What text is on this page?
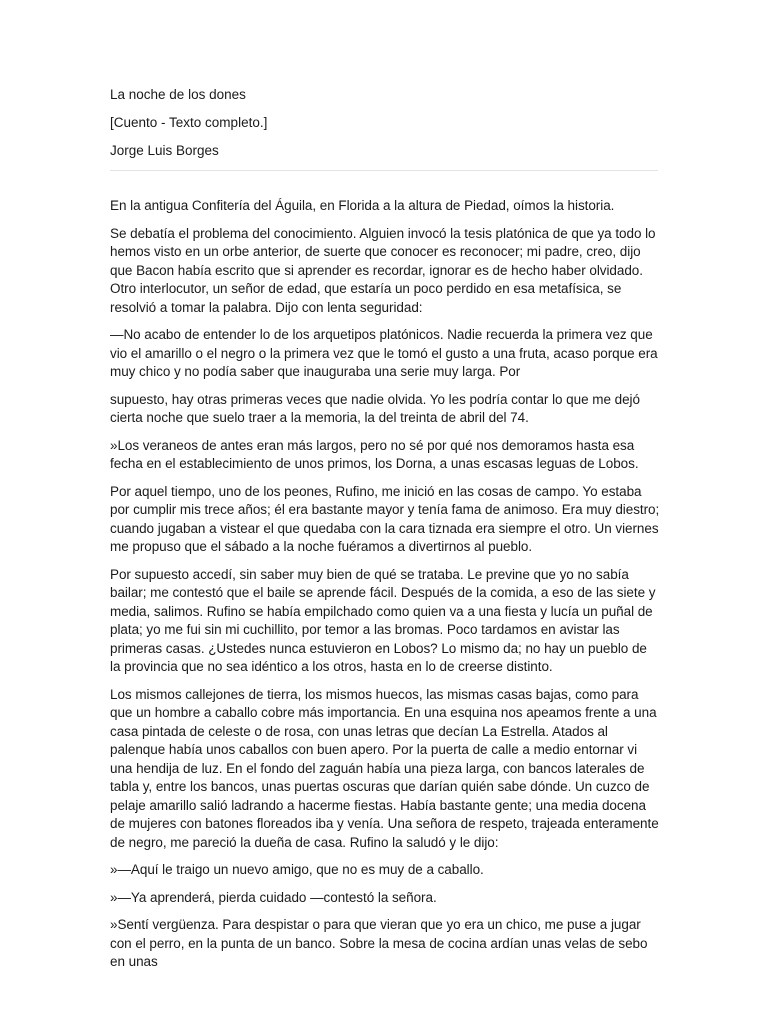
La noche de los dones
[Cuento - Texto completo.]
Jorge Luis Borges

En la antigua Confitería del Águila, en Florida a la altura de Piedad, oímos la historia.

Se debatía el problema del conocimiento. Alguien invocó la tesis platónica de que ya todo lo hemos visto en un orbe anterior, de suerte que conocer es reconocer; mi padre, creo, dijo que Bacon había escrito que si aprender es recordar, ignorar es de hecho haber olvidado. Otro interlocutor, un señor de edad, que estaría un poco perdido en esa metafísica, se resolvió a tomar la palabra. Dijo con lenta seguridad:

—No acabo de entender lo de los arquetipos platónicos. Nadie recuerda la primera vez que vio el amarillo o el negro o la primera vez que le tomó el gusto a una fruta, acaso porque era muy chico y no podía saber que inauguraba una serie muy larga. Por

supuesto, hay otras primeras veces que nadie olvida. Yo les podría contar lo que me dejó cierta noche que suelo traer a la memoria, la del treinta de abril del 74.

»Los veraneos de antes eran más largos, pero no sé por qué nos demoramos hasta esa fecha en el establecimiento de unos primos, los Dorna, a unas escasas leguas de Lobos.

Por aquel tiempo, uno de los peones, Rufino, me inició en las cosas de campo. Yo estaba por cumplir mis trece años; él era bastante mayor y tenía fama de animoso. Era muy diestro; cuando jugaban a vistear el que quedaba con la cara tiznada era siempre el otro. Un viernes me propuso que el sábado a la noche fuéramos a divertirnos al pueblo.

Por supuesto accedí, sin saber muy bien de qué se trataba. Le previne que yo no sabía bailar; me contestó que el baile se aprende fácil. Después de la comida, a eso de las siete y media, salimos. Rufino se había empilchado como quien va a una fiesta y lucía un puñal de plata; yo me fui sin mi cuchillito, por temor a las bromas. Poco tardamos en avistar las primeras casas. ¿Ustedes nunca estuvieron en Lobos? Lo mismo da; no hay un pueblo de la provincia que no sea idéntico a los otros, hasta en lo de creerse distinto.

Los mismos callejones de tierra, los mismos huecos, las mismas casas bajas, como para que un hombre a caballo cobre más importancia. En una esquina nos apeamos frente a una casa pintada de celeste o de rosa, con unas letras que decían La Estrella. Atados al palenque había unos caballos con buen apero. Por la puerta de calle a medio entornar vi una hendija de luz. En el fondo del zaguán había una pieza larga, con bancos laterales de tabla y, entre los bancos, unas puertas oscuras que darían quién sabe dónde. Un cuzco de pelaje amarillo salió ladrando a hacerme fiestas. Había bastante gente; una media docena de mujeres con batones floreados iba y venía. Una señora de respeto, trajeada enteramente de negro, me pareció la dueña de casa. Rufino la saludó y le dijo:

»—Aquí le traigo un nuevo amigo, que no es muy de a caballo.

»—Ya aprenderá, pierda cuidado —contestó la señora.

»Sentí vergüenza. Para despistar o para que vieran que yo era un chico, me puse a jugar con el perro, en la punta de un banco. Sobre la mesa de cocina ardían unas velas de sebo en unas
